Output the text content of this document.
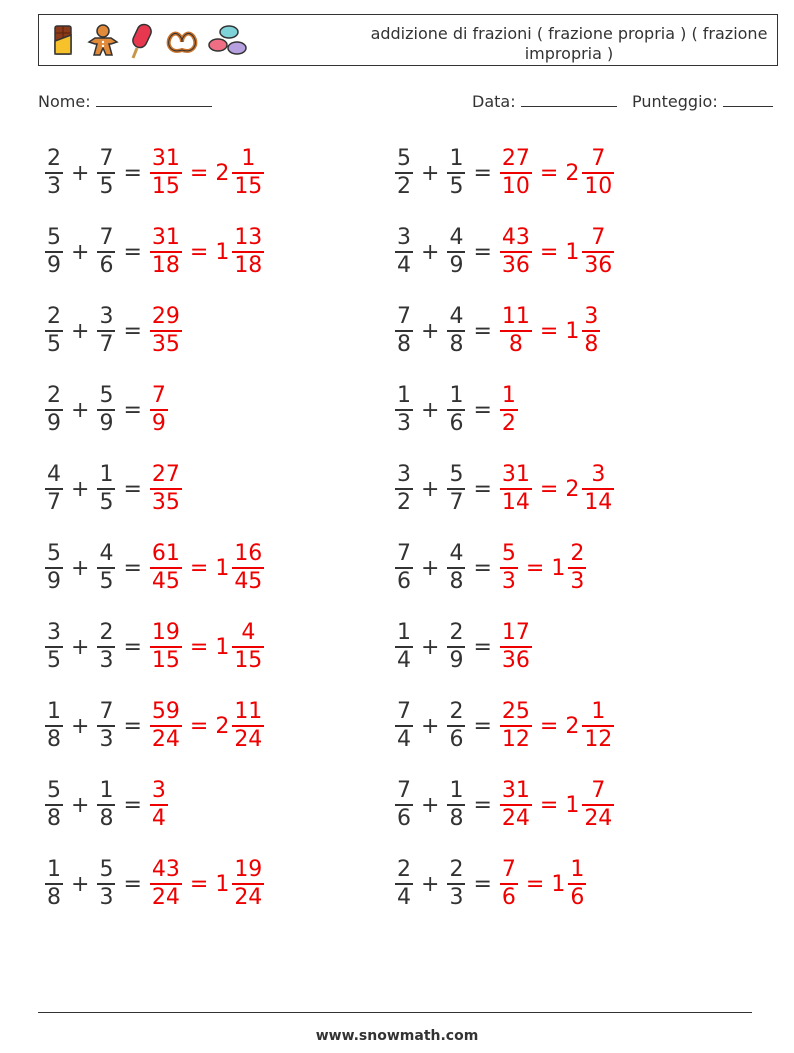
addizione di frazioni ( frazione propria ) ( frazione impropria )
Nome:	Data:	Punteggio:
$\frac{2}{3} + \frac{7}{5} = \frac{31}{15} = 2 \frac{1}{15}$	$\frac{5}{2} + \frac{1}{5} = \frac{27}{10} = 2 \frac{7}{10}$
$\frac{5}{9} + \frac{7}{6} = \frac{31}{18} = 1 \frac{13}{18}$	$\frac{3}{4} + \frac{4}{9} = \frac{43}{36} = 1 \frac{7}{36}$
$\frac{2}{5} + \frac{3}{7} = \frac{29}{35}$	$\frac{7}{8} + \frac{4}{8} = \frac{11}{8} = 1 \frac{3}{8}$
$\frac{2}{9} + \frac{5}{9} = \frac{7}{9}$	$\frac{1}{3} + \frac{1}{6} = \frac{1}{2}$
$\frac{4}{7} + \frac{1}{5} = \frac{27}{35}$	$\frac{3}{2} + \frac{5}{7} = \frac{31}{14} = 2 \frac{3}{14}$
$\frac{5}{9} + \frac{4}{5} = \frac{61}{45} = 1 \frac{16}{45}$	$\frac{7}{6} + \frac{4}{8} = \frac{5}{3} = 1 \frac{2}{3}$
$\frac{3}{5} + \frac{2}{3} = \frac{19}{15} = 1 \frac{4}{15}$	$\frac{1}{4} + \frac{2}{9} = \frac{17}{36}$
$\frac{1}{8} + \frac{7}{3} = \frac{59}{24} = 2 \frac{11}{24}$	$\frac{7}{4} + \frac{2}{6} = \frac{25}{12} = 2 \frac{1}{12}$
$\frac{5}{8} + \frac{1}{8} = \frac{3}{4}$	$\frac{7}{6} + \frac{1}{8} = \frac{31}{24} = 1 \frac{7}{24}$
$\frac{1}{8} + \frac{5}{3} = \frac{43}{24} = 1 \frac{19}{24}$	$\frac{2}{4} + \frac{2}{3} = \frac{7}{6} = 1 \frac{1}{6}$
www.snowmath.com
